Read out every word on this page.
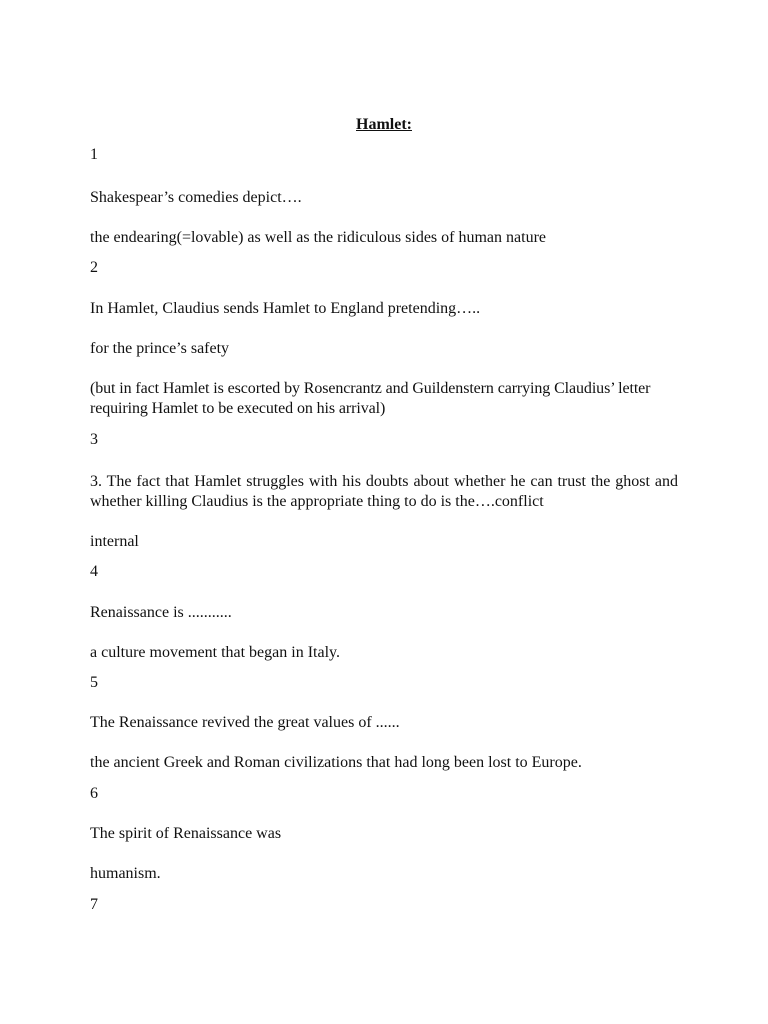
Hamlet:
1
Shakespear’s comedies depict….
the endearing(=lovable) as well as the ridiculous sides of human nature
2
In Hamlet, Claudius sends Hamlet to England pretending…..
for the prince’s safety
(but in fact Hamlet is escorted by Rosencrantz and Guildenstern carrying Claudius’ letter requiring Hamlet to be executed on his arrival)
3
3. The fact that Hamlet struggles with his doubts about whether he can trust the ghost and whether killing Claudius is the appropriate thing to do is the….conflict
internal
4
Renaissance is ...........
a culture movement that began in Italy.
5
The Renaissance revived the great values of ......
the ancient Greek and Roman civilizations that had long been lost to Europe.
6
The spirit of Renaissance was
humanism.
7
